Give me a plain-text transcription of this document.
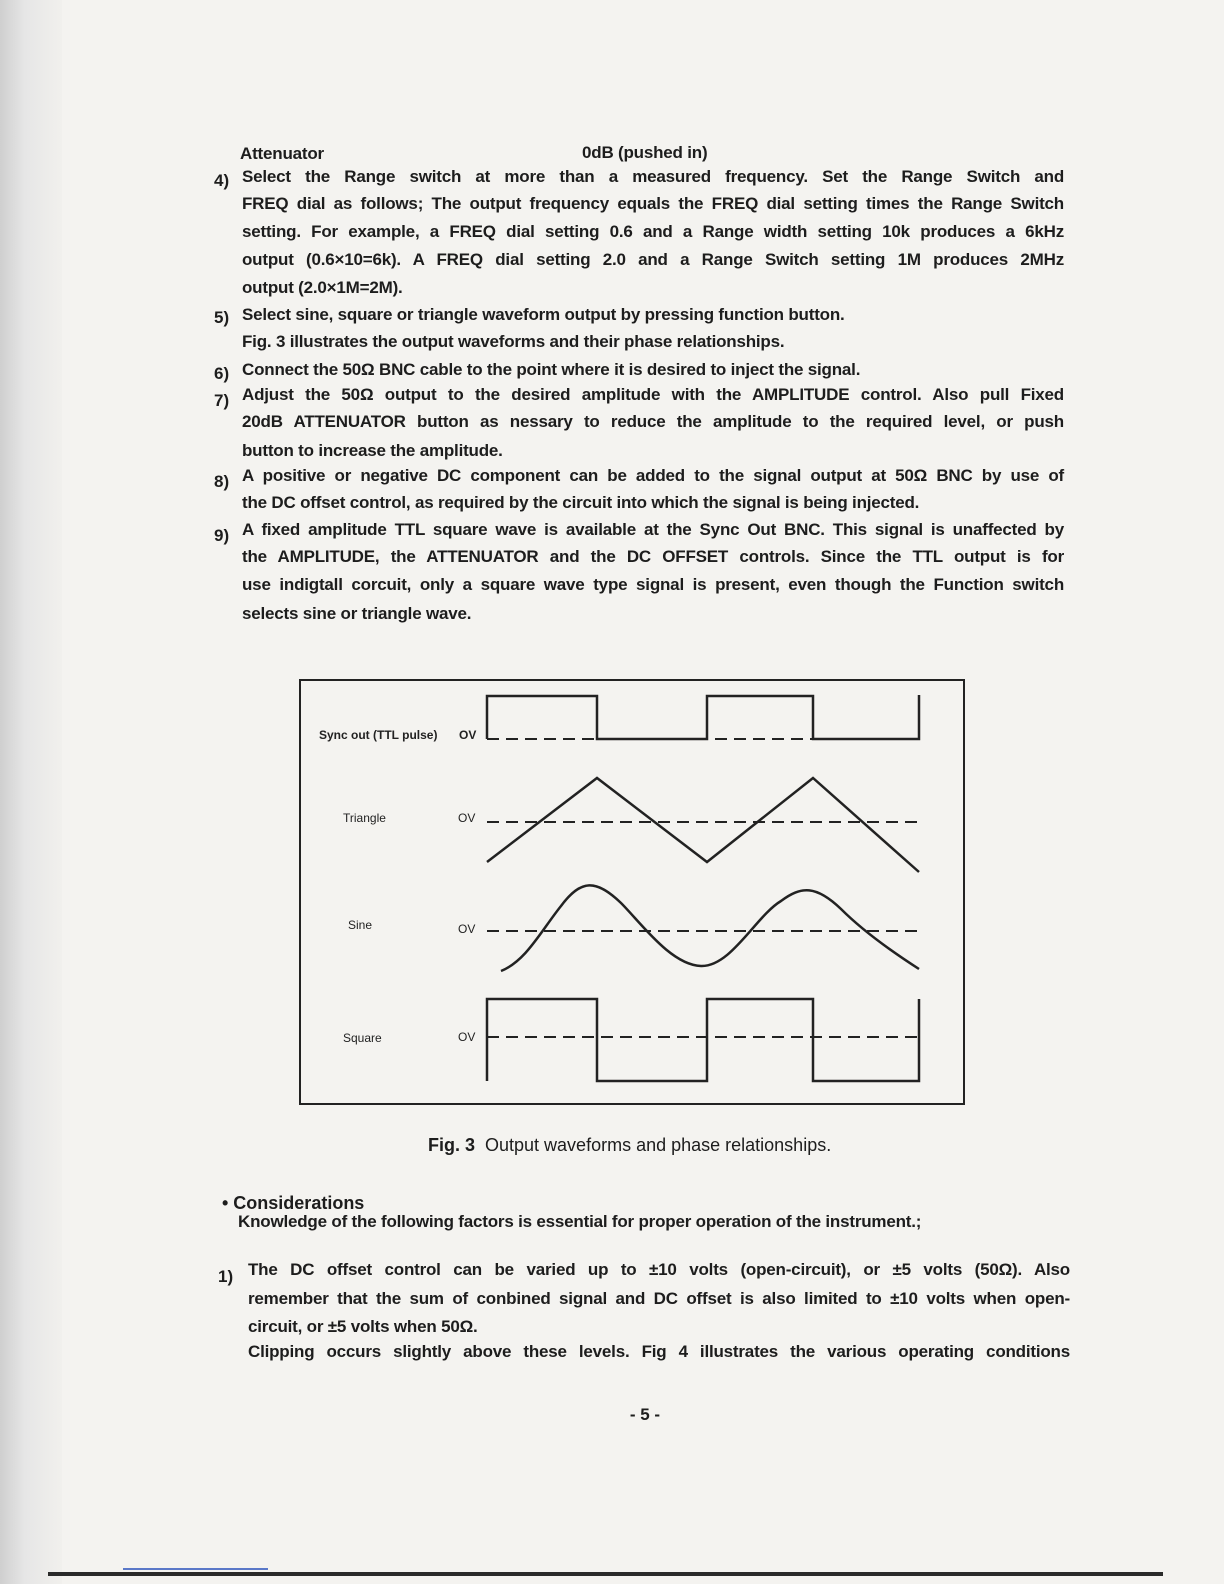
Attenuator	0dB (pushed in)
4) Select the Range switch at more than a measured frequency. Set the Range Switch and
FREQ dial as follows; The output frequency equals the FREQ dial setting times the Range Switch
setting. For example, a FREQ dial setting 0.6 and a Range width setting 10k produces a 6kHz
output (0.6×10=6k). A FREQ dial setting 2.0 and a Range Switch setting 1M produces 2MHz
output (2.0×1M=2M).
5) Select sine, square or triangle waveform output by pressing function button.
Fig. 3 illustrates the output waveforms and their phase relationships.
6) Connect the 50Ω BNC cable to the point where it is desired to inject the signal.
7) Adjust the 50Ω output to the desired amplitude with the AMPLITUDE control. Also pull Fixed
20dB ATTENUATOR button as nessary to reduce the amplitude to the required level, or push
button to increase the amplitude.
8) A positive or negative DC component can be added to the signal output at 50Ω BNC by use of
the DC offset control, as required by the circuit into which the signal is being injected.
9) A fixed amplitude TTL square wave is available at the Sync Out BNC. This signal is unaffected by
the AMPLITUDE, the ATTENUATOR and the DC OFFSET controls. Since the TTL output is for
use indigtall corcuit, only a square wave type signal is present, even though the Function switch
selects sine or triangle wave.
Sync out (TTL pulse) OV
Triangle	OV
Sine	OV
Square	OV
Fig. 3 Output waveforms and phase relationships.
• Considerations
Knowledge of the following factors is essential for proper operation of the instrument.;
1) The DC offset control can be varied up to ±10 volts (open-circuit), or ±5 volts (50Ω). Also
remember that the sum of conbined signal and DC offset is also limited to ±10 volts when open-
circuit, or ±5 volts when 50Ω.
Clipping occurs slightly above these levels. Fig 4 illustrates the various operating conditions
- 5 -
